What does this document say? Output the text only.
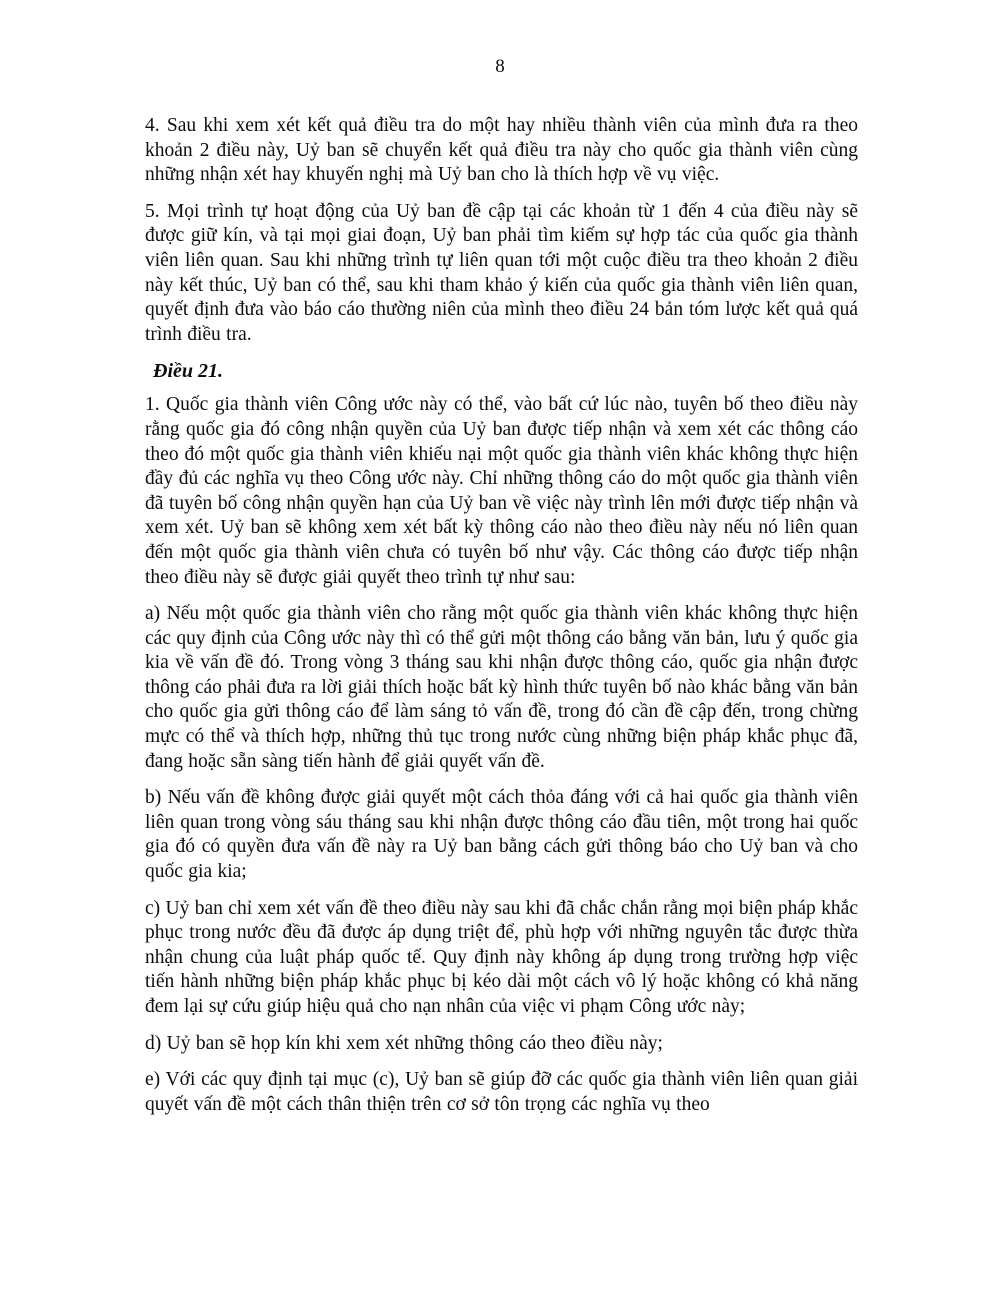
8

4. Sau khi xem xét kết quả điều tra do một hay nhiều thành viên của mình đưa ra theo khoản 2 điều này, Uỷ ban sẽ chuyển kết quả điều tra này cho quốc gia thành viên cùng những nhận xét hay khuyến nghị mà Uỷ ban cho là thích hợp về vụ việc.

5. Mọi trình tự hoạt động của Uỷ ban đề cập tại các khoản từ 1 đến 4 của điều này sẽ được giữ kín, và tại mọi giai đoạn, Uỷ ban phải tìm kiếm sự hợp tác của quốc gia thành viên liên quan. Sau khi những trình tự liên quan tới một cuộc điều tra theo khoản 2 điều này kết thúc, Uỷ ban có thể, sau khi tham khảo ý kiến của quốc gia thành viên liên quan, quyết định đưa vào báo cáo thường niên của mình theo điều 24 bản tóm lược kết quả quá trình điều tra.

Điều 21.

1. Quốc gia thành viên Công ước này có thể, vào bất cứ lúc nào, tuyên bố theo điều này rằng quốc gia đó công nhận quyền của Uỷ ban được tiếp nhận và xem xét các thông cáo theo đó một quốc gia thành viên khiếu nại một quốc gia thành viên khác không thực hiện đầy đủ các nghĩa vụ theo Công ước này. Chỉ những thông cáo do một quốc gia thành viên đã tuyên bố công nhận quyền hạn của Uỷ ban về việc này trình lên mới được tiếp nhận và xem xét. Uỷ ban sẽ không xem xét bất kỳ thông cáo nào theo điều này nếu nó liên quan đến một quốc gia thành viên chưa có tuyên bố như vậy. Các thông cáo được tiếp nhận theo điều này sẽ được giải quyết theo trình tự như sau:

a) Nếu một quốc gia thành viên cho rằng một quốc gia thành viên khác không thực hiện các quy định của Công ước này thì có thể gửi một thông cáo bằng văn bản, lưu ý quốc gia kia về vấn đề đó. Trong vòng 3 tháng sau khi nhận được thông cáo, quốc gia nhận được thông cáo phải đưa ra lời giải thích hoặc bất kỳ hình thức tuyên bố nào khác bằng văn bản cho quốc gia gửi thông cáo để làm sáng tỏ vấn đề, trong đó cần đề cập đến, trong chừng mực có thể và thích hợp, những thủ tục trong nước cùng những biện pháp khắc phục đã, đang hoặc sẵn sàng tiến hành để giải quyết vấn đề.

b) Nếu vấn đề không được giải quyết một cách thỏa đáng với cả hai quốc gia thành viên liên quan trong vòng sáu tháng sau khi nhận được thông cáo đầu tiên, một trong hai quốc gia đó có quyền đưa vấn đề này ra Uỷ ban bằng cách gửi thông báo cho Uỷ ban và cho quốc gia kia;

c) Uỷ ban chỉ xem xét vấn đề theo điều này sau khi đã chắc chắn rằng mọi biện pháp khắc phục trong nước đều đã được áp dụng triệt để, phù hợp với những nguyên tắc được thừa nhận chung của luật pháp quốc tế. Quy định này không áp dụng trong trường hợp việc tiến hành những biện pháp khắc phục bị kéo dài một cách vô lý hoặc không có khả năng đem lại sự cứu giúp hiệu quả cho nạn nhân của việc vi phạm Công ước này;

d) Uỷ ban sẽ họp kín khi xem xét những thông cáo theo điều này;

e) Với các quy định tại mục (c), Uỷ ban sẽ giúp đỡ các quốc gia thành viên liên quan giải quyết vấn đề một cách thân thiện trên cơ sở tôn trọng các nghĩa vụ theo
